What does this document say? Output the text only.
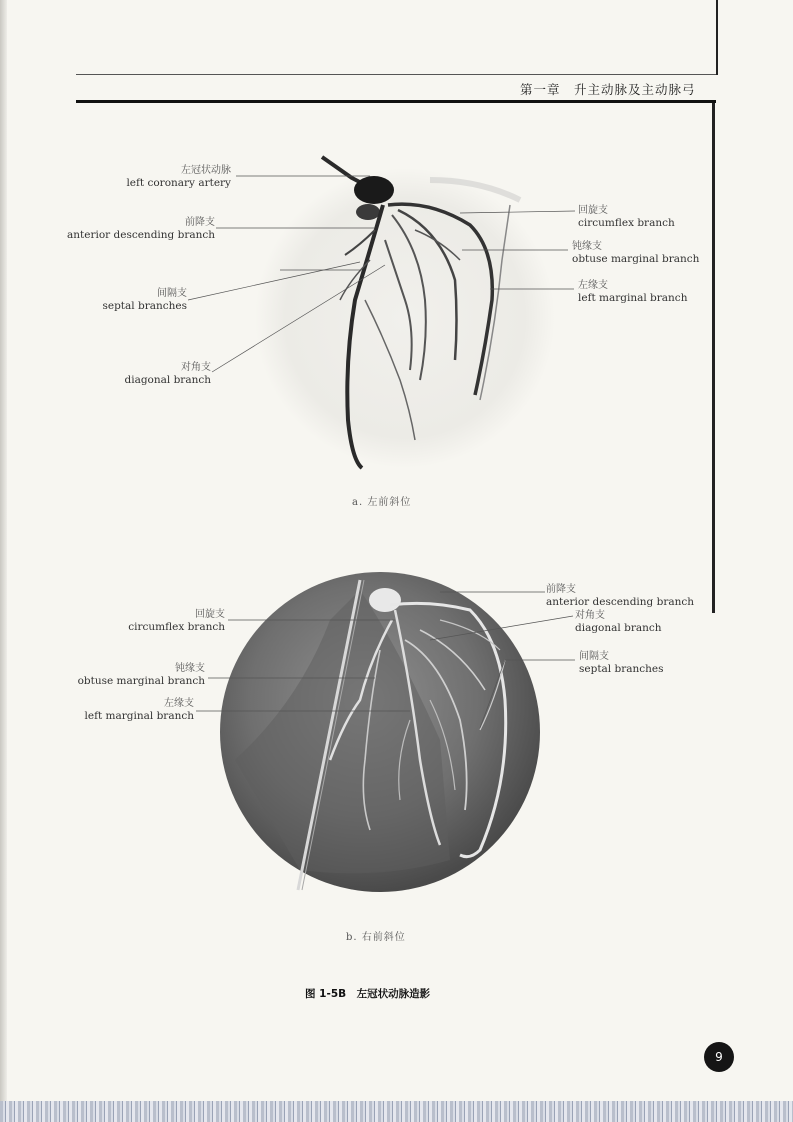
第一章　升主动脉及主动脉弓
左冠状动脉
left coronary artery
前降支
anterior descending branch
间隔支
septal branches
对角支
diagonal branch
回旋支
circumflex branch
钝缘支
obtuse marginal branch
左缘支
left marginal branch
a. 左前斜位
回旋支
circumflex branch
钝缘支
obtuse marginal branch
左缘支
left marginal branch
前降支
anterior descending branch
对角支
diagonal branch
间隔支
septal branches
b. 右前斜位
图 1-5B　左冠状动脉造影
9
